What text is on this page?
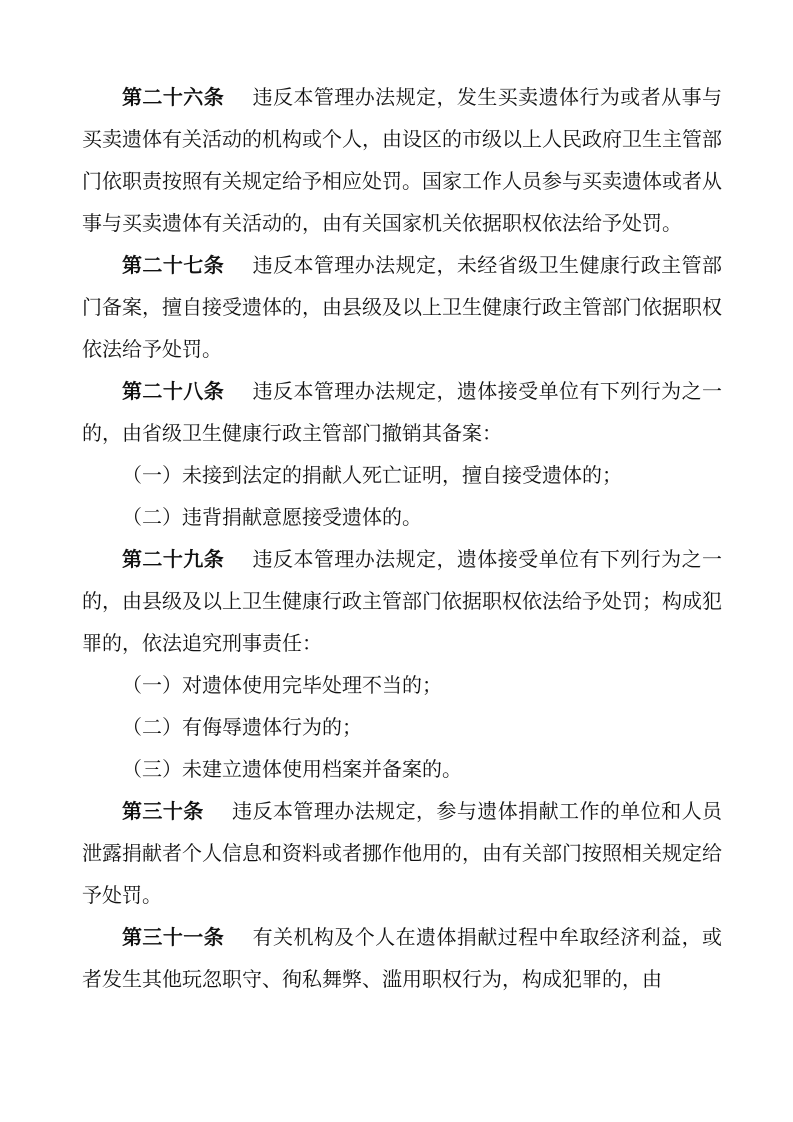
第二十六条 违反本管理办法规定，发生买卖遗体行为或者从事与买卖遗体有关活动的机构或个人，由设区的市级以上人民政府卫生主管部门依职责按照有关规定给予相应处罚。国家工作人员参与买卖遗体或者从事与买卖遗体有关活动的，由有关国家机关依据职权依法给予处罚。

第二十七条 违反本管理办法规定，未经省级卫生健康行政主管部门备案，擅自接受遗体的，由县级及以上卫生健康行政主管部门依据职权依法给予处罚。

第二十八条 违反本管理办法规定，遗体接受单位有下列行为之一的，由省级卫生健康行政主管部门撤销其备案：

（一）未接到法定的捐献人死亡证明，擅自接受遗体的；

（二）违背捐献意愿接受遗体的。

第二十九条 违反本管理办法规定，遗体接受单位有下列行为之一的，由县级及以上卫生健康行政主管部门依据职权依法给予处罚；构成犯罪的，依法追究刑事责任：

（一）对遗体使用完毕处理不当的；

（二）有侮辱遗体行为的；

（三）未建立遗体使用档案并备案的。

第三十条 违反本管理办法规定，参与遗体捐献工作的单位和人员泄露捐献者个人信息和资料或者挪作他用的，由有关部门按照相关规定给予处罚。

第三十一条 有关机构及个人在遗体捐献过程中牟取经济利益，或者发生其他玩忽职守、徇私舞弊、滥用职权行为，构成犯罪的，由
